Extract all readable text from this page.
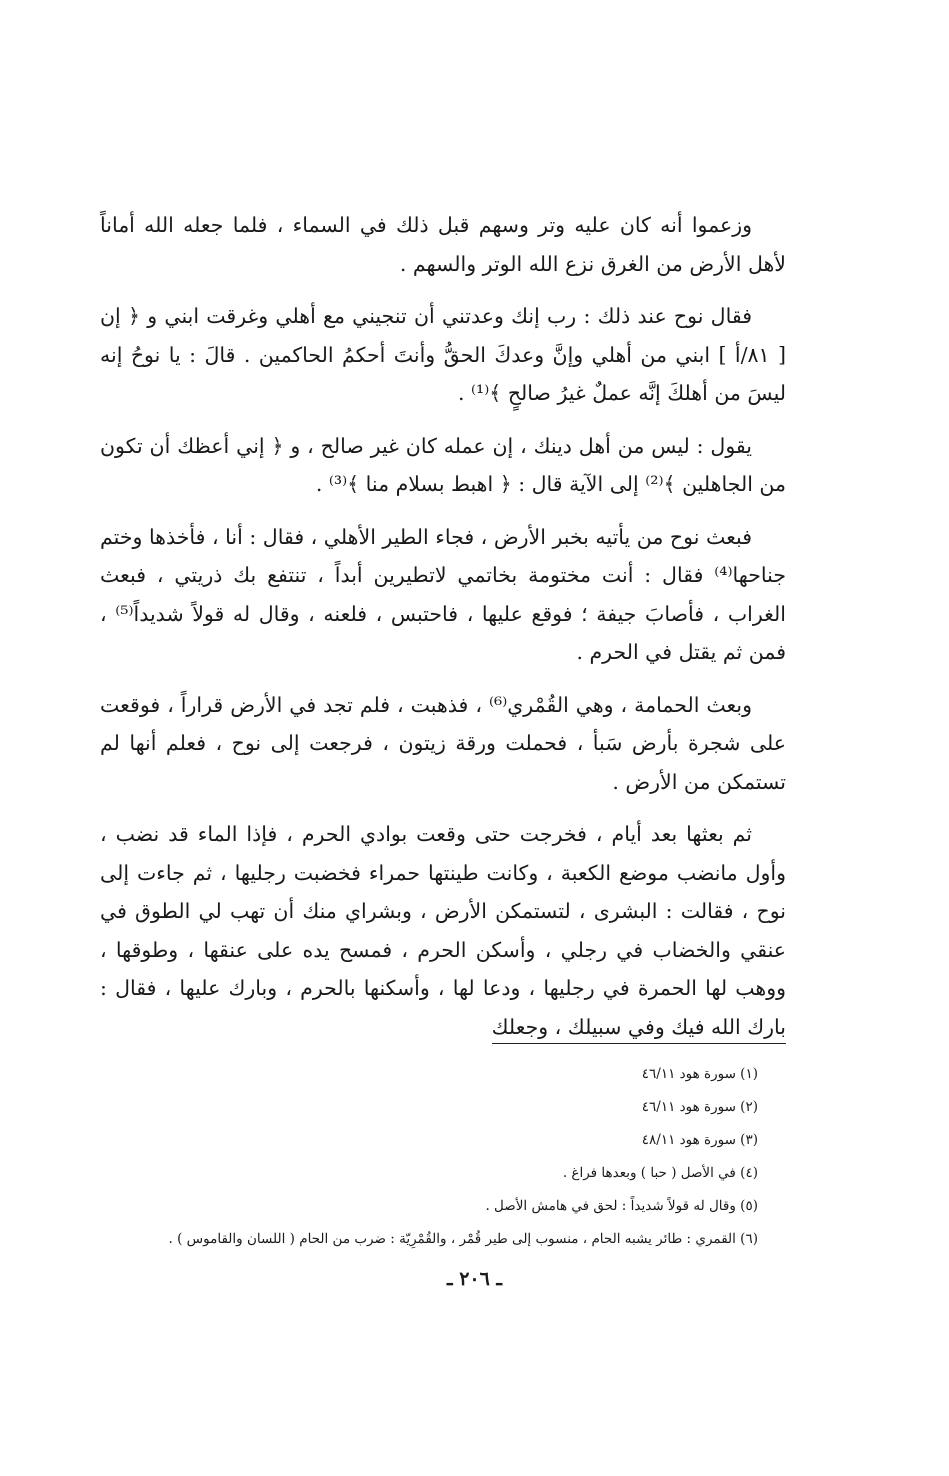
وزعموا أنه كان عليه وتر وسهم قبل ذلك في السماء ، فلما جعله الله أماناً لأهل الأرض من الغرق نزع الله الوتر والسهم .

فقال نوح عند ذلك : رب إنك وعدتني أن تنجيني مع أهلي وغرقت ابني و ﴿ إن [ ٨١/أ ] ابني من أهلي وإنَّ وعدكَ الحقُّ وأنتَ أحكمُ الحاكمين . قالَ : يا نوحُ إنه ليسَ من أهلكَ إنَّه عملٌ غيرُ صالحٍ ﴾⁽¹⁾ .

يقول : ليس من أهل دينك ، إن عمله كان غير صالح ، و ﴿ إني أعظك أن تكون من الجاهلين ﴾⁽²⁾ إلى الآية قال : ﴿ اهبط بسلام منا ﴾⁽³⁾ .

فبعث نوح من يأتيه بخبر الأرض ، فجاء الطير الأهلي ، فقال : أنا ، فأخذها وختم جناحها⁽⁴⁾ فقال : أنت مختومة بخاتمي لاتطيرين أبداً ، تنتفع بك ذريتي ، فبعث الغراب ، فأصابَ جيفة ؛ فوقع عليها ، فاحتبس ، فلعنه ، وقال له قولاً شديداً⁽⁵⁾ ، فمن ثم يقتل في الحرم .

وبعث الحمامة ، وهي القُمْري⁽⁶⁾ ، فذهبت ، فلم تجد في الأرض قراراً ، فوقعت على شجرة بأرض سَبأ ، فحملت ورقة زيتون ، فرجعت إلى نوح ، فعلم أنها لم تستمكن من الأرض .

ثم بعثها بعد أيام ، فخرجت حتى وقعت بوادي الحرم ، فإذا الماء قد نضب ، وأول مانضب موضع الكعبة ، وكانت طينتها حمراء فخضبت رجليها ، ثم جاءت إلى نوح ، فقالت : البشرى ، لتستمكن الأرض ، وبشراي منك أن تهب لي الطوق في عنقي والخضاب في رجلي ، وأسكن الحرم ، فمسح يده على عنقها ، وطوقها ، ووهب لها الحمرة في رجليها ، ودعا لها ، وأسكنها بالحرم ، وبارك عليها ، فقال : بارك الله فيك وفي سبيلك ، وجعلك

(١) سورة هود ٤٦/١١
(٢) سورة هود ٤٦/١١
(٣) سورة هود ٤٨/١١
(٤) في الأصل ( حبا ) وبعدها فراغ .
(٥) وقال له قولاً شديداً : لحق في هامش الأصل .
(٦) القمري : طائر يشبه الحام ، منسوب إلى طير قُمْر ، والقُمْرِيّة : ضرب من الحام ( اللسان والقاموس ) .
ـ ٢٠٦ ـ
